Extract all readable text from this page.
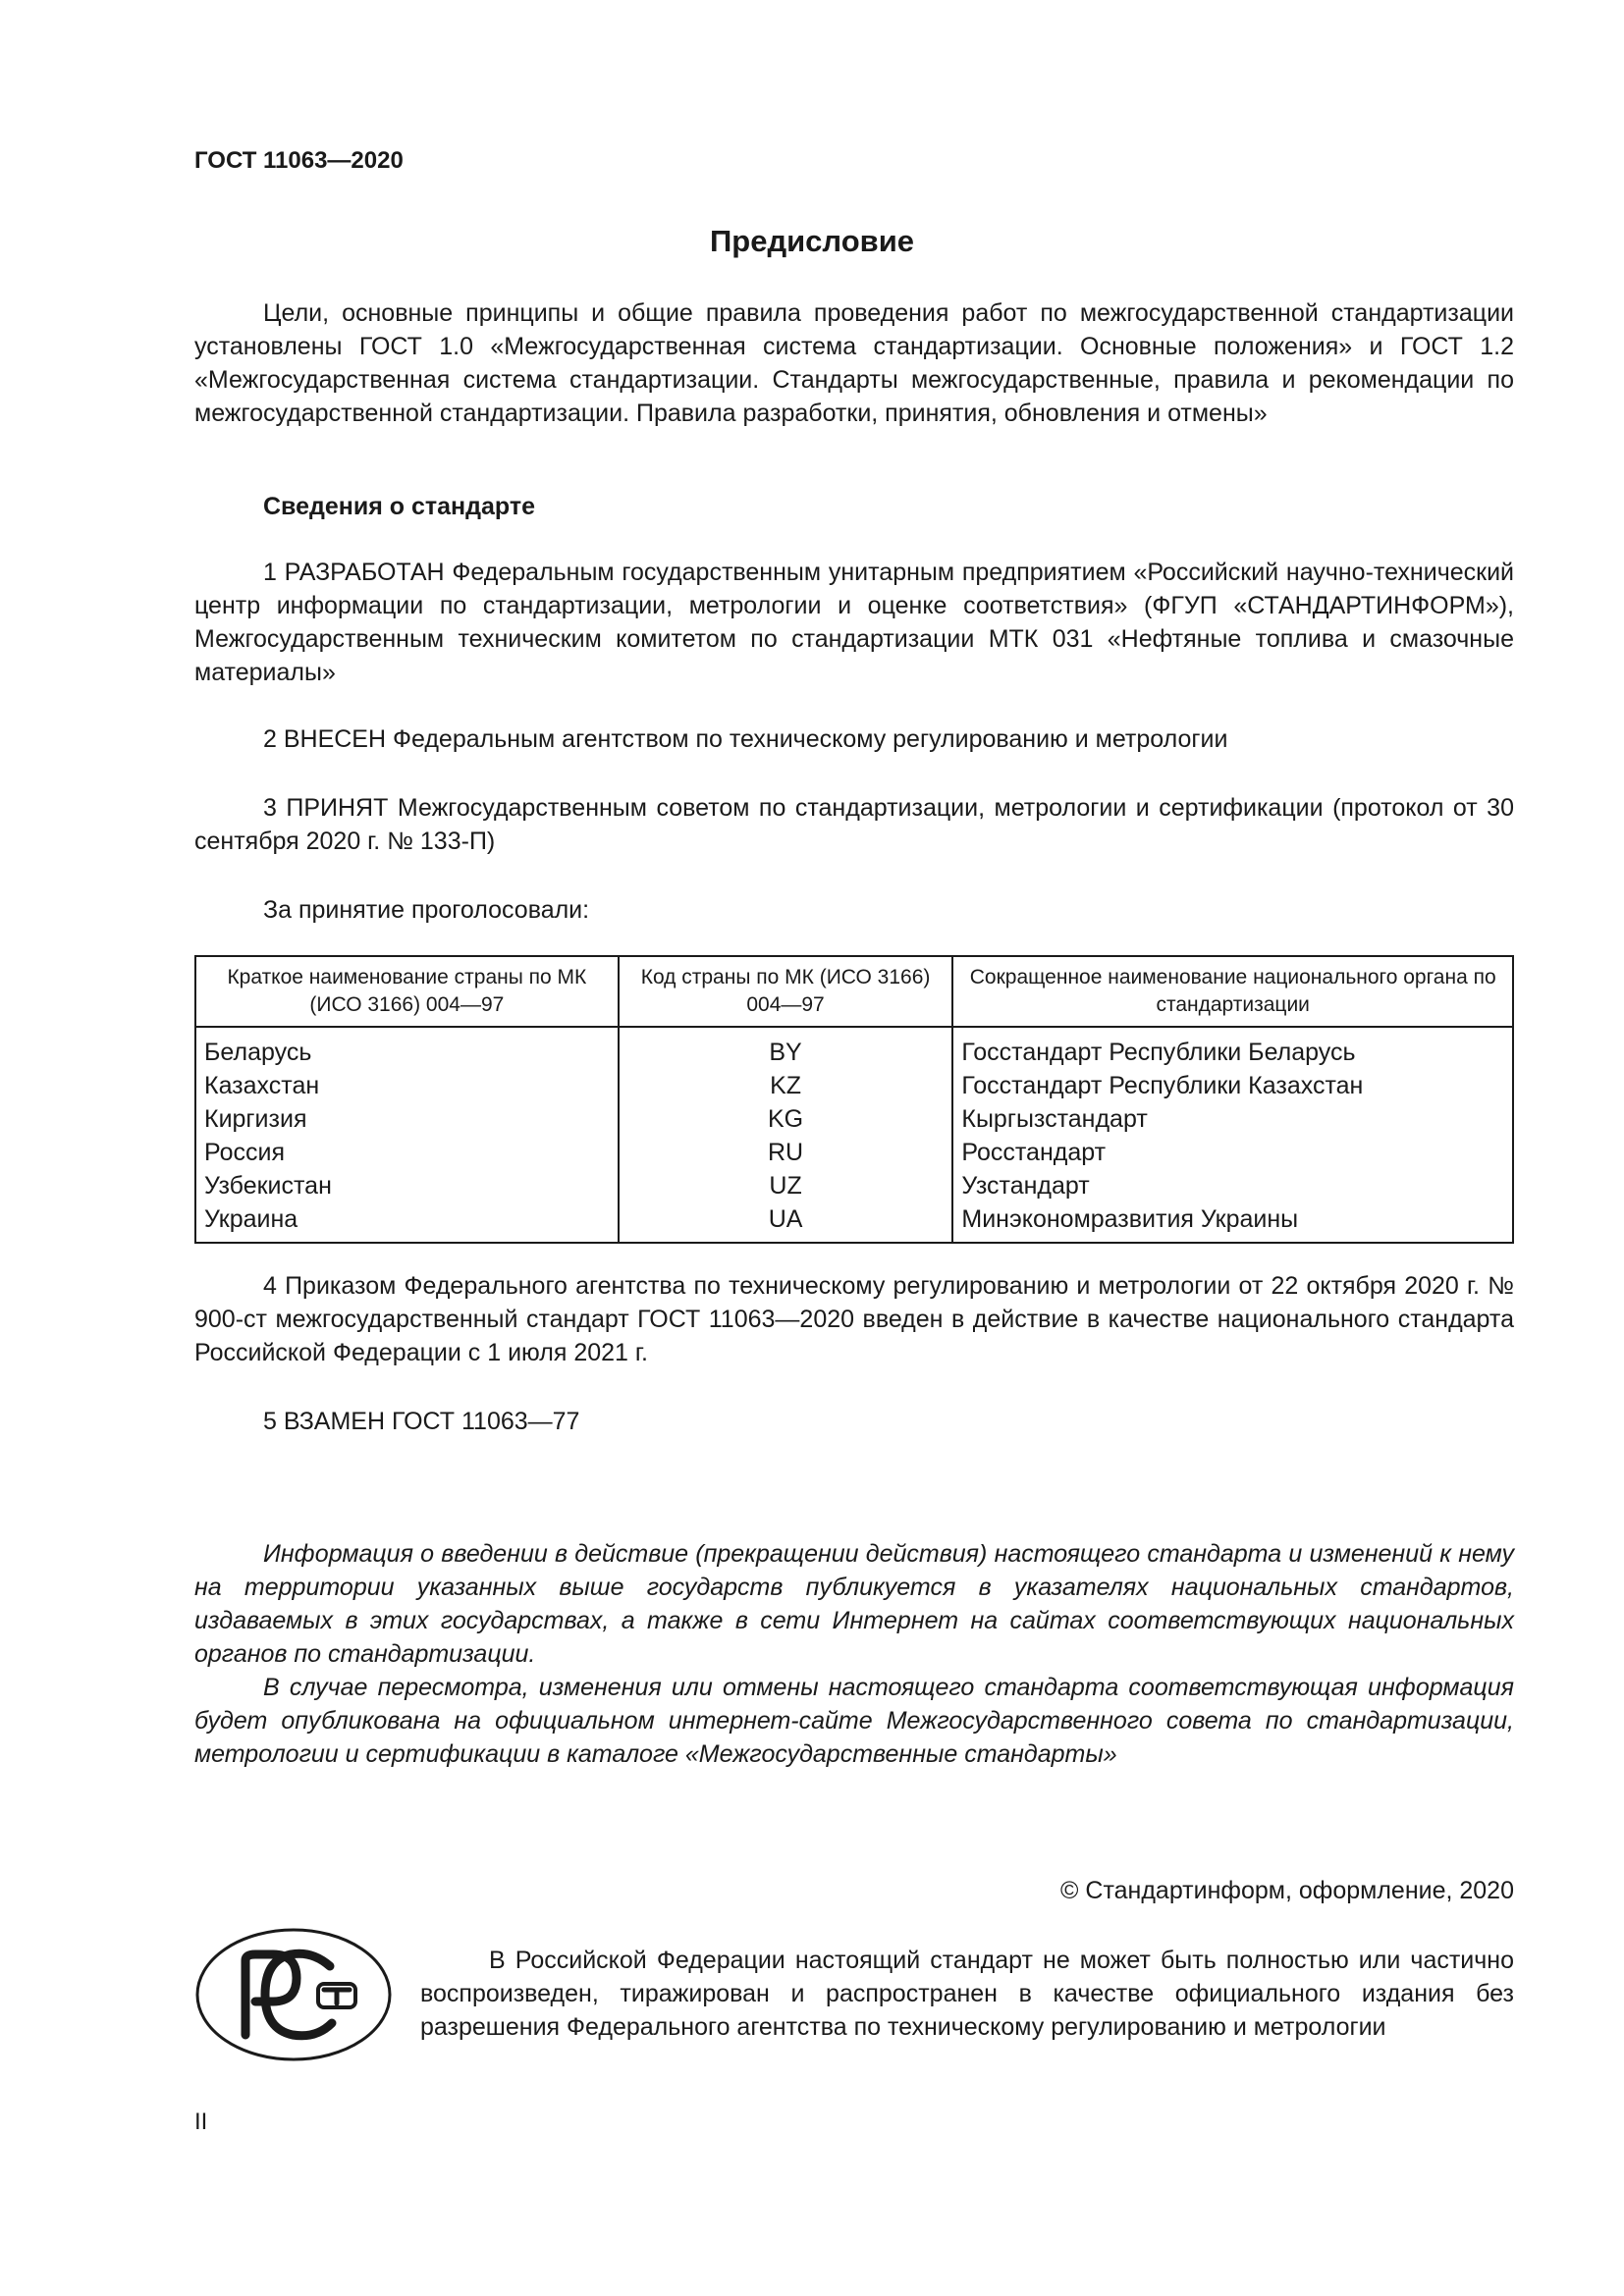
ГОСТ 11063—2020
Предисловие

Цели, основные принципы и общие правила проведения работ по межгосударственной стандартизации установлены ГОСТ 1.0 «Межгосударственная система стандартизации. Основные положения» и ГОСТ 1.2 «Межгосударственная система стандартизации. Стандарты межгосударственные, правила и рекомендации по межгосударственной стандартизации. Правила разработки, принятия, обновления и отмены»

Сведения о стандарте

1 РАЗРАБОТАН Федеральным государственным унитарным предприятием «Российский научно-технический центр информации по стандартизации, метрологии и оценке соответствия» (ФГУП «СТАНДАРТИНФОРМ»), Межгосударственным техническим комитетом по стандартизации МТК 031 «Нефтяные топлива и смазочные материалы»

2 ВНЕСЕН Федеральным агентством по техническому регулированию и метрологии

3 ПРИНЯТ Межгосударственным советом по стандартизации, метрологии и сертификации (протокол от 30 сентября 2020 г. № 133-П)

За принятие проголосовали:

Краткое наименование страны по МК (ИСО 3166) 004—97	Код страны по МК (ИСО 3166) 004—97	Сокращенное наименование национального органа по стандартизации
Беларусь	BY	Госстандарт Республики Беларусь
Казахстан	KZ	Госстандарт Республики Казахстан
Киргизия	KG	Кыргызстандарт
Россия	RU	Росстандарт
Узбекистан	UZ	Узстандарт
Украина	UA	Минэкономразвития Украины

4 Приказом Федерального агентства по техническому регулированию и метрологии от 22 октября 2020 г. № 900-ст межгосударственный стандарт ГОСТ 11063—2020 введен в действие в качестве национального стандарта Российской Федерации с 1 июля 2021 г.

5 ВЗАМЕН ГОСТ 11063—77

Информация о введении в действие (прекращении действия) настоящего стандарта и изменений к нему на территории указанных выше государств публикуется в указателях национальных стандартов, издаваемых в этих государствах, а также в сети Интернет на сайтах соответствующих национальных органов по стандартизации.

В случае пересмотра, изменения или отмены настоящего стандарта соответствующая информация будет опубликована на официальном интернет-сайте Межгосударственного совета по стандартизации, метрологии и сертификации в каталоге «Межгосударственные стандарты»

© Стандартинформ, оформление, 2020

В Российской Федерации настоящий стандарт не может быть полностью или частично воспроизведен, тиражирован и распространен в качестве официального издания без разрешения Федерального агентства по техническому регулированию и метрологии

II
